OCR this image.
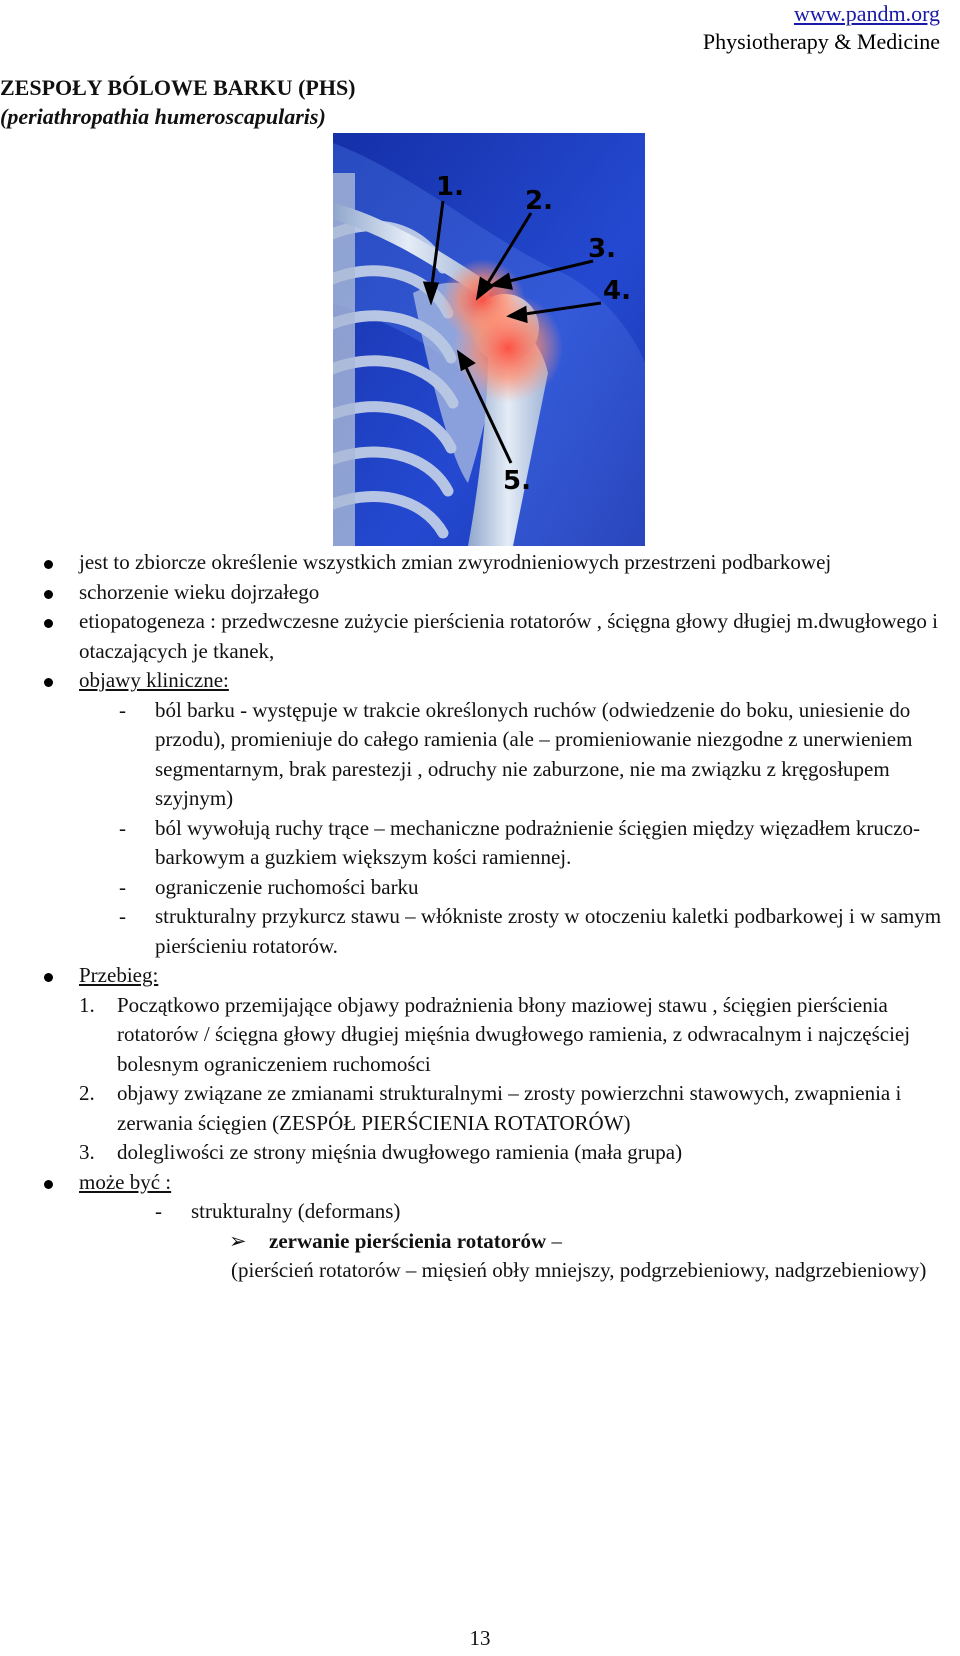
www.pandm.org
Physiotherapy & Medicine
ZESPOŁY BÓLOWE BARKU (PHS)
(periathropathia humeroscapularis)
1. 2.
3.
4.
5.
jest to zbiorcze określenie wszystkich zmian zwyrodnieniowych przestrzeni podbarkowej
schorzenie wieku dojrzałego
etiopatogeneza : przedwczesne zużycie pierścienia rotatorów , ścięgna głowy długiej m.dwugłowego i otaczających je tkanek,
objawy kliniczne:
- ból barku - występuje w trakcie określonych ruchów (odwiedzenie do boku, uniesienie do przodu), promieniuje do całego ramienia (ale – promieniowanie niezgodne z unerwieniem segmentarnym, brak parestezji , odruchy nie zaburzone, nie ma związku z kręgosłupem szyjnym)
- ból wywołują ruchy trące – mechaniczne podrażnienie ścięgien między więzadłem kruczo- barkowym a guzkiem większym kości ramiennej.
- ograniczenie ruchomości barku
- strukturalny przykurcz stawu – włókniste zrosty w otoczeniu kaletki podbarkowej i w samym pierścieniu rotatorów.
Przebieg:
1. Początkowo przemijające objawy podrażnienia błony maziowej stawu , ścięgien pierścienia rotatorów / ścięgna głowy długiej mięśnia dwugłowego ramienia, z odwracalnym i najczęściej bolesnym ograniczeniem ruchomości
2. objawy związane ze zmianami strukturalnymi – zrosty powierzchni stawowych, zwapnienia i zerwania ścięgien (ZESPÓŁ PIERŚCIENIA ROTATORÓW)
3. dolegliwości ze strony mięśnia dwugłowego ramienia (mała grupa)
może być :
- strukturalny (deformans)
➢ zerwanie pierścienia rotatorów –
(pierścień rotatorów – mięsień obły mniejszy, podgrzebieniowy, nadgrzebieniowy)
13
